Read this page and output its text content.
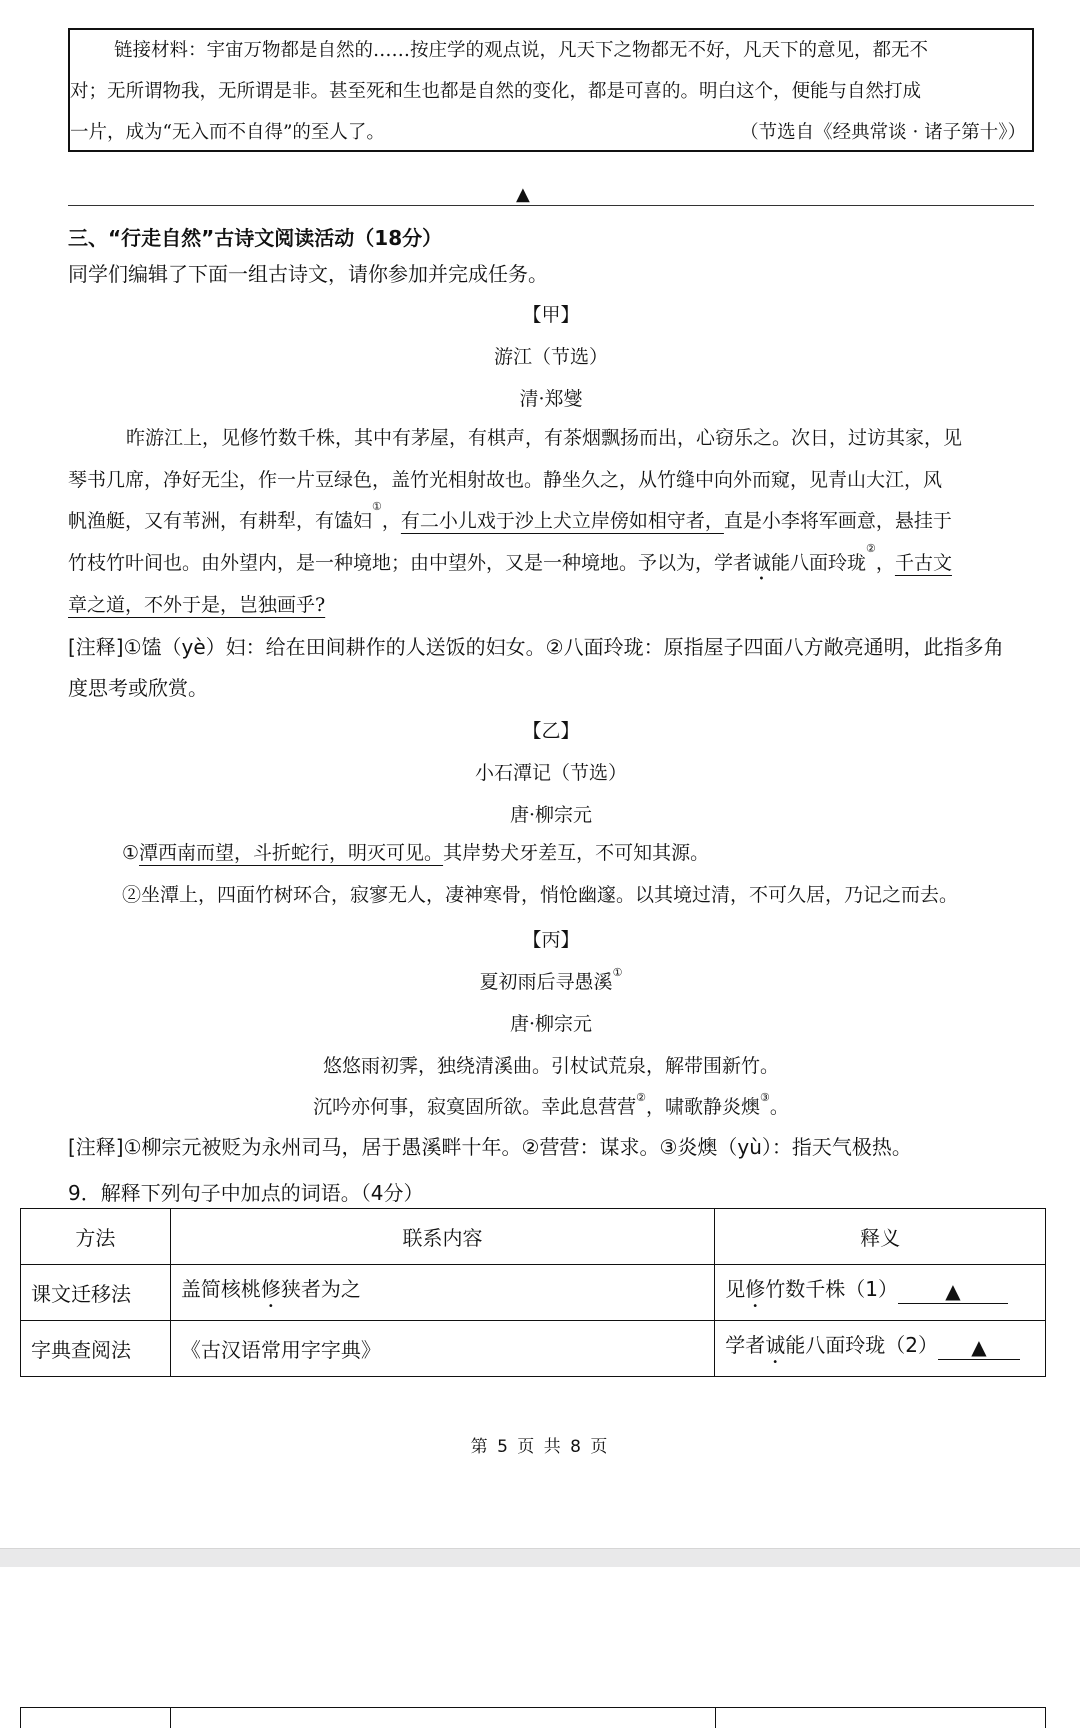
链接材料：宇宙万物都是自然的……按庄学的观点说，凡天下之物都无不好，凡天下的意见，都无不
对；无所谓物我，无所谓是非。甚至死和生也都是自然的变化，都是可喜的。明白这个，便能与自然打成
一片，成为“无入而不自得”的至人了。	（节选自《经典常谈 · 诸子第十》）
▲
三、“行走自然”古诗文阅读活动（18分）
同学们编辑了下面一组古诗文，请你参加并完成任务。
【甲】
游江（节选）
清·郑燮
昨游江上，见修竹数千株，其中有茅屋，有棋声，有茶烟飘扬而出，心窃乐之。次日，过访其家，见
琴书几席，净好无尘，作一片豆绿色，盖竹光相射故也。静坐久之，从竹缝中向外而窥，见青山大江，风
帆渔艇，又有苇洲，有耕犁，有馌妇①，有二小儿戏于沙上犬立岸傍如相守者，直是小李将军画意，悬挂于
竹枝竹叶间也。由外望内，是一种境地；由中望外，又是一种境地。予以为，学者诚能八面玲珑②，千古文
章之道，不外于是，岂独画乎?
[注释]①馌（yè）妇：给在田间耕作的人送饭的妇女。②八面玲珑：原指屋子四面八方敞亮通明，此指多角
度思考或欣赏。
【乙】
小石潭记（节选）
唐·柳宗元
① 潭西南而望，斗折蛇行，明灭可见。 其岸势犬牙差互，不可知其源。
②坐潭上，四面竹树环合，寂寥无人，凄神寒骨，悄怆幽邃。以其境过清，不可久居，乃记之而去。
【丙】
夏初雨后寻愚溪①
唐·柳宗元
悠悠雨初霁，独绕清溪曲。引杖试荒泉，解带围新竹。
沉吟亦何事，寂寞固所欲。幸此息营营②，啸歌静炎燠③。
[注释]①柳宗元被贬为永州司马，居于愚溪畔十年。②营营：谋求。③炎燠（yù）：指天气极热。
9．解释下列句子中加点的词语。（4分）
方法	联系内容	释义
课文迁移法	盖简核桃修狭者为之	见修竹数千株（1） ▲
字典查阅法	《古汉语常用字字典》	学者诚能八面玲珑（2） ▲
第 5 页 共 8 页
